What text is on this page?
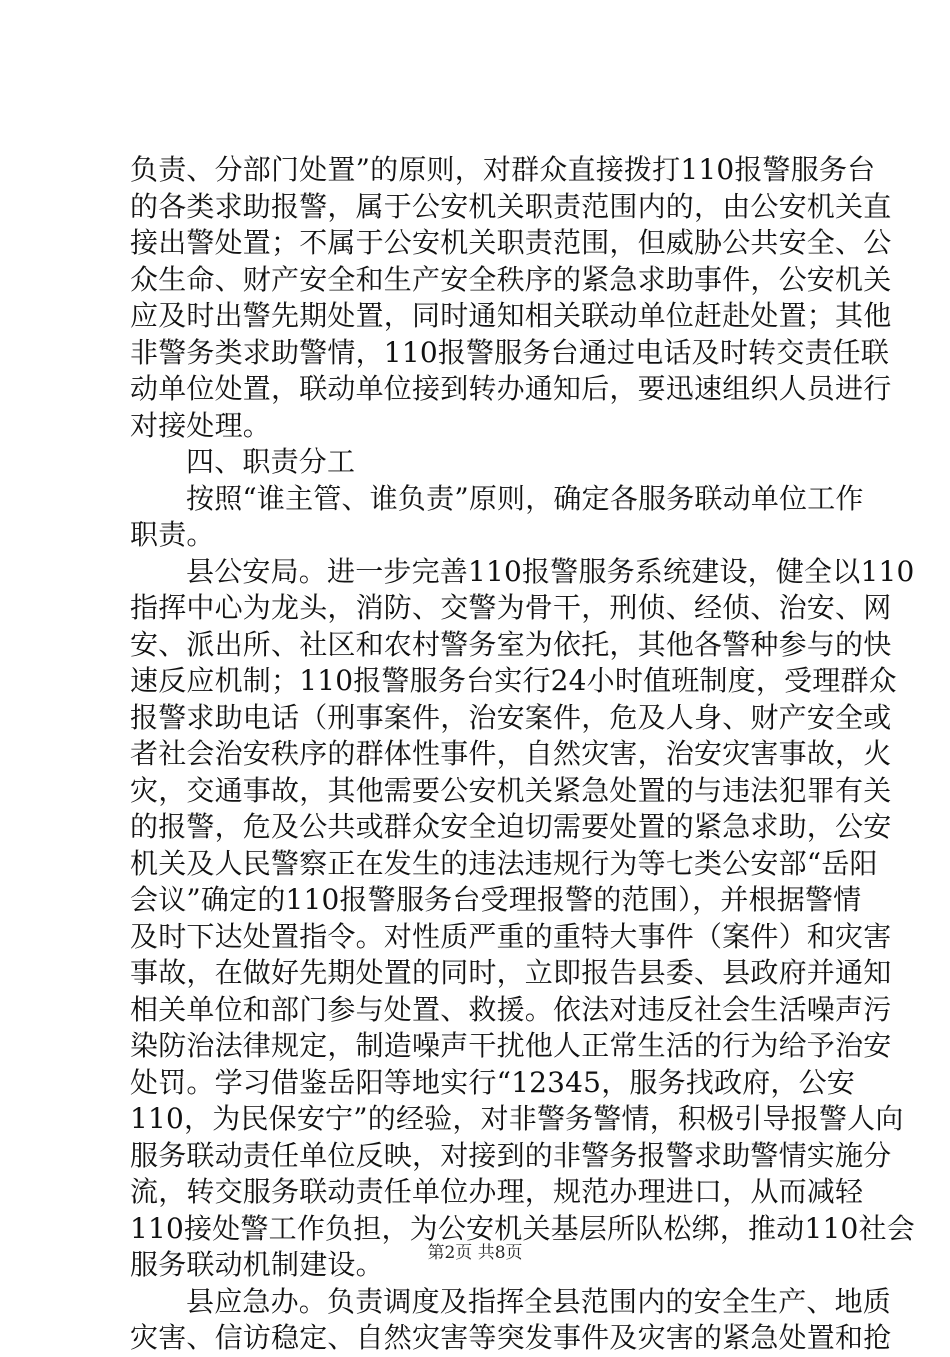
负责、分部门处置”的原则，对群众直接拨打110报警服务台
的各类求助报警，属于公安机关职责范围内的，由公安机关直
接出警处置；不属于公安机关职责范围，但威胁公共安全、公
众生命、财产安全和生产安全秩序的紧急求助事件，公安机关
应及时出警先期处置，同时通知相关联动单位赶赴处置；其他
非警务类求助警情，110报警服务台通过电话及时转交责任联
动单位处置，联动单位接到转办通知后，要迅速组织人员进行
对接处理。

四、职责分工

按照“谁主管、谁负责”原则，确定各服务联动单位工作
职责。

县公安局。进一步完善110报警服务系统建设，健全以110
指挥中心为龙头，消防、交警为骨干，刑侦、经侦、治安、网
安、派出所、社区和农村警务室为依托，其他各警种参与的快
速反应机制；110报警服务台实行24小时值班制度，受理群众
报警求助电话（刑事案件，治安案件，危及人身、财产安全或
者社会治安秩序的群体性事件，自然灾害，治安灾害事故，火
灾，交通事故，其他需要公安机关紧急处置的与违法犯罪有关
的报警，危及公共或群众安全迫切需要处置的紧急求助，公安
机关及人民警察正在发生的违法违规行为等七类公安部“岳阳
会议”确定的110报警服务台受理报警的范围），并根据警情
及时下达处置指令。对性质严重的重特大事件（案件）和灾害
事故，在做好先期处置的同时，立即报告县委、县政府并通知
相关单位和部门参与处置、救援。依法对违反社会生活噪声污
染防治法律规定，制造噪声干扰他人正常生活的行为给予治安
处罚。学习借鉴岳阳等地实行“12345，服务找政府，公安
110，为民保安宁”的经验，对非警务警情，积极引导报警人向
服务联动责任单位反映，对接到的非警务报警求助警情实施分
流，转交服务联动责任单位办理，规范办理进口，从而减轻
110接处警工作负担，为公安机关基层所队松绑，推动110社会
服务联动机制建设。

县应急办。负责调度及指挥全县范围内的安全生产、地质
灾害、信访稳定、自然灾害等突发事件及灾害的紧急处置和抢

第2页 共8页
